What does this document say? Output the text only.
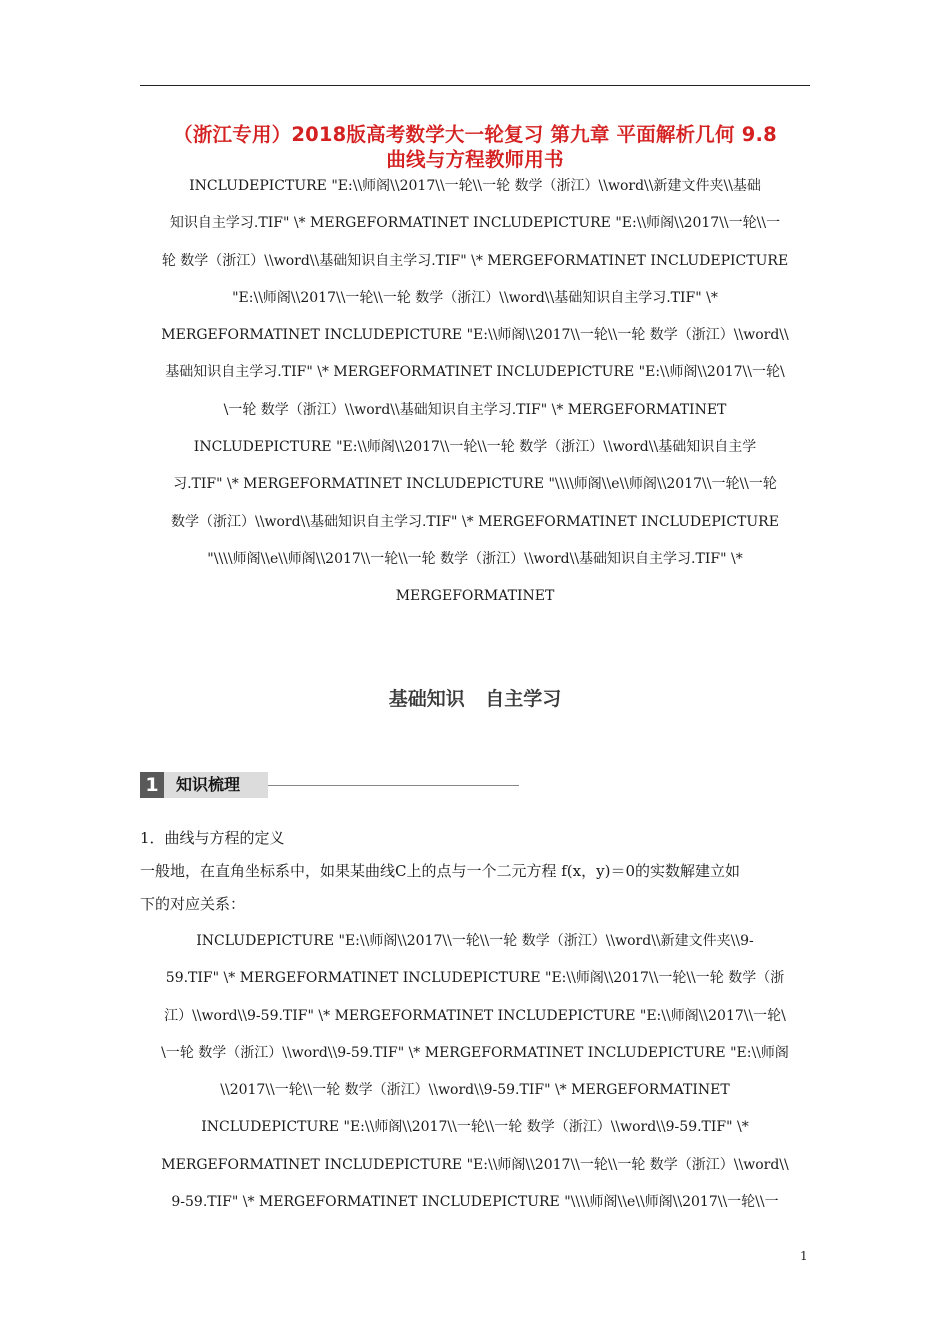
（浙江专用）2018版高考数学大一轮复习 第九章 平面解析几何 9.8
曲线与方程教师用书
INCLUDEPICTURE "E:\\师阁\\2017\\一轮\\一轮 数学（浙江）\\word\\新建文件夹\\基础
知识自主学习.TIF" \* MERGEFORMATINET INCLUDEPICTURE "E:\\师阁\\2017\\一轮\\一
轮 数学（浙江）\\word\\基础知识自主学习.TIF" \* MERGEFORMATINET INCLUDEPICTURE
"E:\\师阁\\2017\\一轮\\一轮 数学（浙江）\\word\\基础知识自主学习.TIF" \*
MERGEFORMATINET INCLUDEPICTURE "E:\\师阁\\2017\\一轮\\一轮 数学（浙江）\\word\\
基础知识自主学习.TIF" \* MERGEFORMATINET INCLUDEPICTURE "E:\\师阁\\2017\\一轮\
\一轮 数学（浙江）\\word\\基础知识自主学习.TIF" \* MERGEFORMATINET
INCLUDEPICTURE "E:\\师阁\\2017\\一轮\\一轮 数学（浙江）\\word\\基础知识自主学
习.TIF" \* MERGEFORMATINET INCLUDEPICTURE "\\\\师阁\\e\\师阁\\2017\\一轮\\一轮
数学（浙江）\\word\\基础知识自主学习.TIF" \* MERGEFORMATINET INCLUDEPICTURE
"\\\\师阁\\e\\师阁\\2017\\一轮\\一轮 数学（浙江）\\word\\基础知识自主学习.TIF" \*
MERGEFORMATINET
基础知识 自主学习
1	知识梳理
1．曲线与方程的定义
一般地，在直角坐标系中，如果某曲线C上的点与一个二元方程 f(x，y)＝0的实数解建立如
下的对应关系：
INCLUDEPICTURE "E:\\师阁\\2017\\一轮\\一轮 数学（浙江）\\word\\新建文件夹\\9-
59.TIF" \* MERGEFORMATINET INCLUDEPICTURE "E:\\师阁\\2017\\一轮\\一轮 数学（浙
江）\\word\\9-59.TIF" \* MERGEFORMATINET INCLUDEPICTURE "E:\\师阁\\2017\\一轮\
\一轮 数学（浙江）\\word\\9-59.TIF" \* MERGEFORMATINET INCLUDEPICTURE "E:\\师阁
\\2017\\一轮\\一轮 数学（浙江）\\word\\9-59.TIF" \* MERGEFORMATINET
INCLUDEPICTURE "E:\\师阁\\2017\\一轮\\一轮 数学（浙江）\\word\\9-59.TIF" \*
MERGEFORMATINET INCLUDEPICTURE "E:\\师阁\\2017\\一轮\\一轮 数学（浙江）\\word\\
9-59.TIF" \* MERGEFORMATINET INCLUDEPICTURE "\\\\师阁\\e\\师阁\\2017\\一轮\\一
1
